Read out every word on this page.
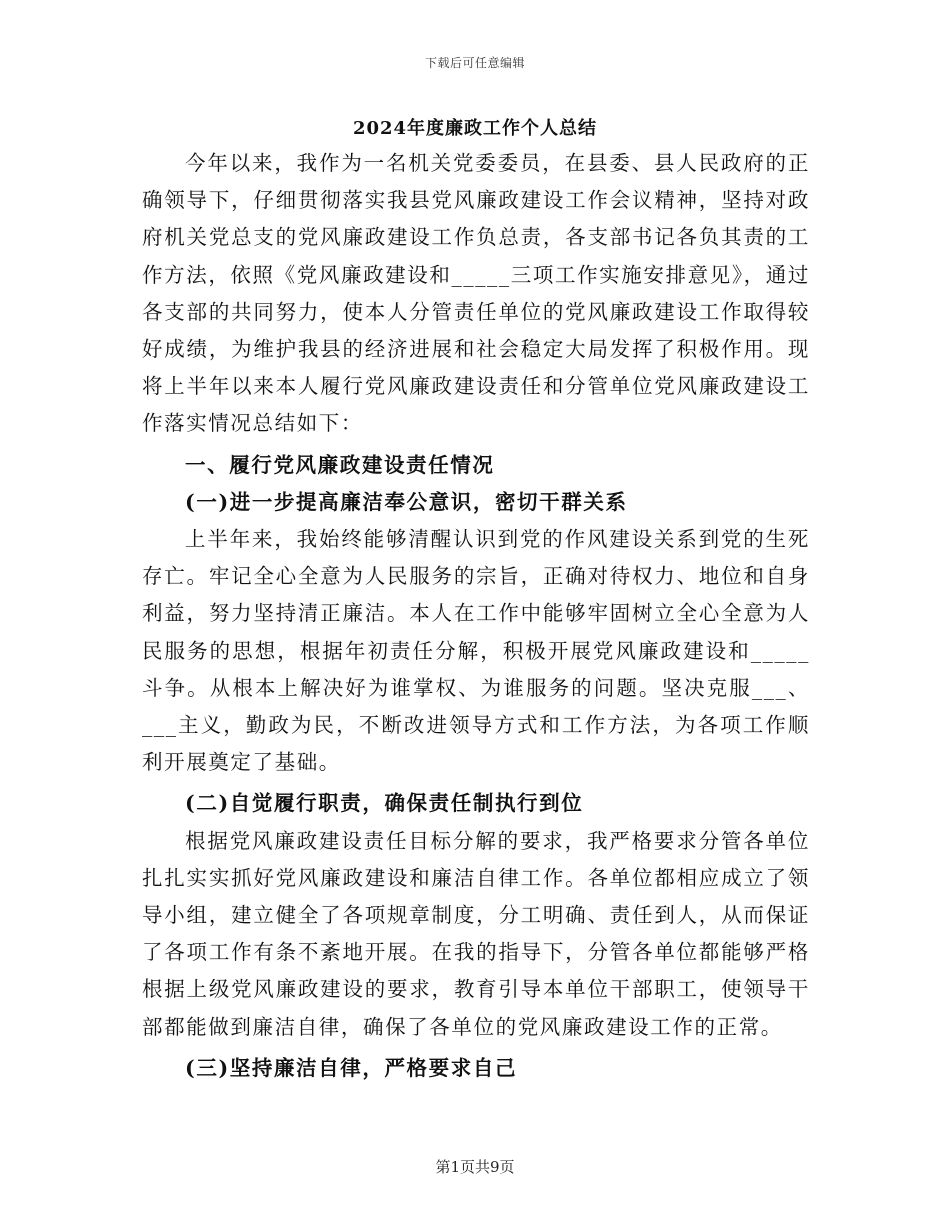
下载后可任意编辑
2024年度廉政工作个人总结

今年以来，我作为一名机关党委委员，在县委、县人民政府的正确领导下，仔细贯彻落实我县党风廉政建设工作会议精神，坚持对政府机关党总支的党风廉政建设工作负总责，各支部书记各负其责的工作方法，依照《党风廉政建设和_____三项工作实施安排意见》，通过各支部的共同努力，使本人分管责任单位的党风廉政建设工作取得较好成绩，为维护我县的经济进展和社会稳定大局发挥了积极作用。现将上半年以来本人履行党风廉政建设责任和分管单位党风廉政建设工作落实情况总结如下：

一、履行党风廉政建设责任情况

(一)进一步提高廉洁奉公意识，密切干群关系

上半年来，我始终能够清醒认识到党的作风建设关系到党的生死存亡。牢记全心全意为人民服务的宗旨，正确对待权力、地位和自身利益，努力坚持清正廉洁。本人在工作中能够牢固树立全心全意为人民服务的思想，根据年初责任分解，积极开展党风廉政建设和_____斗争。从根本上解决好为谁掌权、为谁服务的问题。坚决克服___、___主义，勤政为民，不断改进领导方式和工作方法，为各项工作顺利开展奠定了基础。

(二)自觉履行职责，确保责任制执行到位

根据党风廉政建设责任目标分解的要求，我严格要求分管各单位扎扎实实抓好党风廉政建设和廉洁自律工作。各单位都相应成立了领导小组，建立健全了各项规章制度，分工明确、责任到人，从而保证了各项工作有条不紊地开展。在我的指导下，分管各单位都能够严格根据上级党风廉政建设的要求，教育引导本单位干部职工，使领导干部都能做到廉洁自律，确保了各单位的党风廉政建设工作的正常。

(三)坚持廉洁自律，严格要求自己

第1页共9页
